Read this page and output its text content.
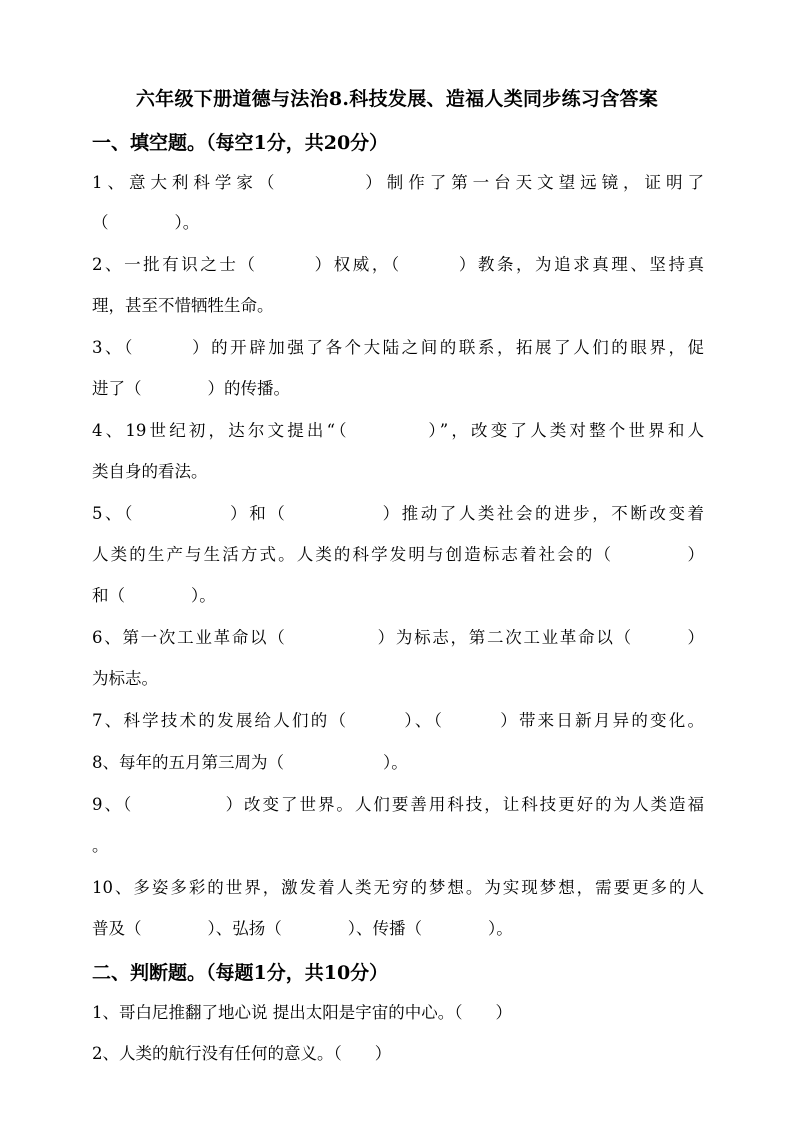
六年级下册道德与法治8.科技发展、造福人类同步练习含答案
一、填空题。（每空1分，共20分）
1、意大利科学家（　　　　）制作了第一台天文望远镜，证明了
（　　　　）。
2、一批有识之士（　　　）权威，（　　　）教条，为追求真理、坚持真
理，甚至不惜牺牲生命。
3、（　　　）的开辟加强了各个大陆之间的联系，拓展了人们的眼界，促
进了（　　　　）的传播。
4、19世纪初，达尔文提出“（　　　　）”，改变了人类对整个世界和人
类自身的看法。
5、（　　　　　）和（　　　　　）推动了人类社会的进步，不断改变着
人类的生产与生活方式。人类的科学发明与创造标志着社会的（　　　　）
和（　　　　）。
6、第一次工业革命以（　　　　　）为标志，第二次工业革命以（　　　）
为标志。
7、科学技术的发展给人们的（　　　）、（　　　）带来日新月异的变化。
8、每年的五月第三周为（　　　　　　）。
9、（　　　　　）改变了世界。人们要善用科技，让科技更好的为人类造福
。
10、多姿多彩的世界，激发着人类无穷的梦想。为实现梦想，需要更多的人
普及（　　　　）、弘扬（　　　　）、传播（　　　　）。
二、判断题。（每题1分，共10分）
1、哥白尼推翻了地心说 提出太阳是宇宙的中心。（　　）
2、人类的航行没有任何的意义。（　　）
